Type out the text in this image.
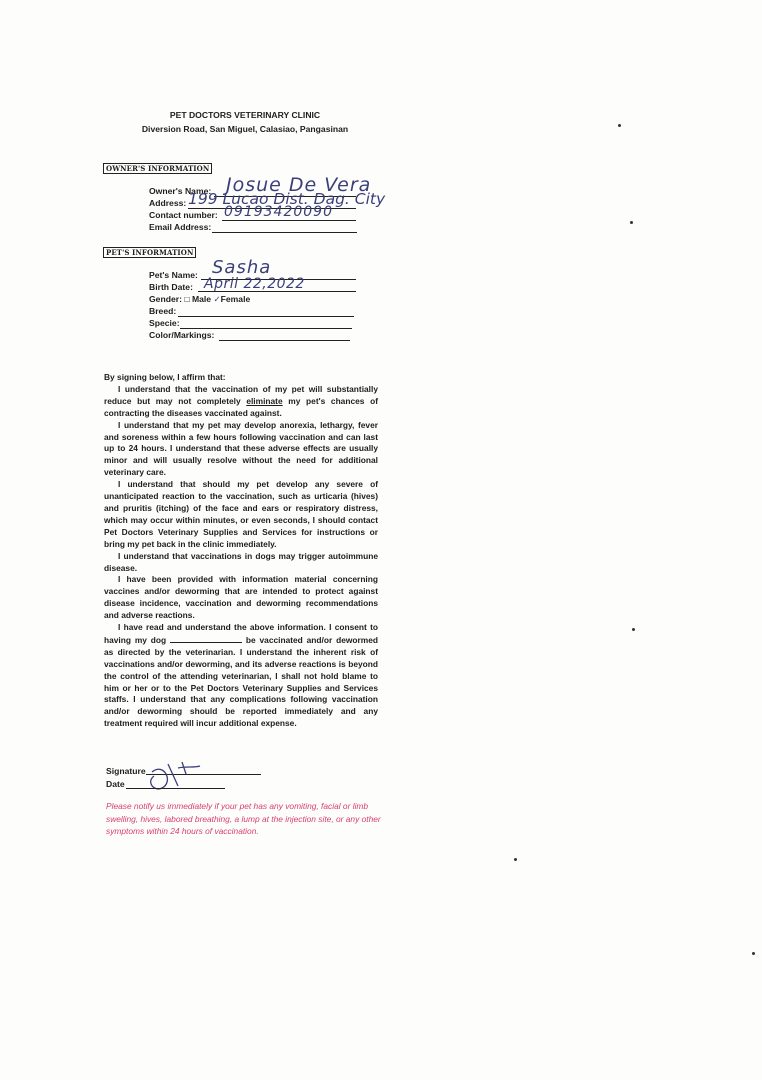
PET DOCTORS VETERINARY CLINIC
Diversion Road, San Miguel, Calasiao, Pangasinan
OWNER'S INFORMATION
Owner's Name: Josue De Vera
Address: 199 Lucao Dist. Dag. City
Contact number: 09193420090
Email Address:
PET'S INFORMATION
Pet's Name: Sasha
Birth Date: April 22,2022
Gender: □ Male ✓Female
Breed:
Specie:
Color/Markings:

By signing below, I affirm that:

I understand that the vaccination of my pet will substantially reduce but may not completely eliminate my pet's chances of contracting the diseases vaccinated against.

I understand that my pet may develop anorexia, lethargy, fever and soreness within a few hours following vaccination and can last up to 24 hours. I understand that these adverse effects are usually minor and will usually resolve without the need for additional veterinary care.

I understand that should my pet develop any severe of unanticipated reaction to the vaccination, such as urticaria (hives) and pruritis (itching) of the face and ears or respiratory distress, which may occur within minutes, or even seconds, I should contact Pet Doctors Veterinary Supplies and Services for instructions or bring my pet back in the clinic immediately.

I understand that vaccinations in dogs may trigger autoimmune disease.

I have been provided with information material concerning vaccines and/or deworming that are intended to protect against disease incidence, vaccination and deworming recommendations and adverse reactions.

I have read and understand the above information. I consent to having my dog	be vaccinated and/or dewormed as directed by the veterinarian. I understand the inherent risk of vaccinations and/or deworming, and its adverse reactions is beyond the control of the attending veterinarian, I shall not hold blame to him or her or to the Pet Doctors Veterinary Supplies and Services staffs. I understand that any complications following vaccination and/or deworming should be reported immediately and any treatment required will incur additional expense.

Signature
Date
Please notify us immediately if your pet has any vomiting, facial or limb swelling, hives, labored breathing, a lump at the injection site, or any other symptoms within 24 hours of vaccination.
